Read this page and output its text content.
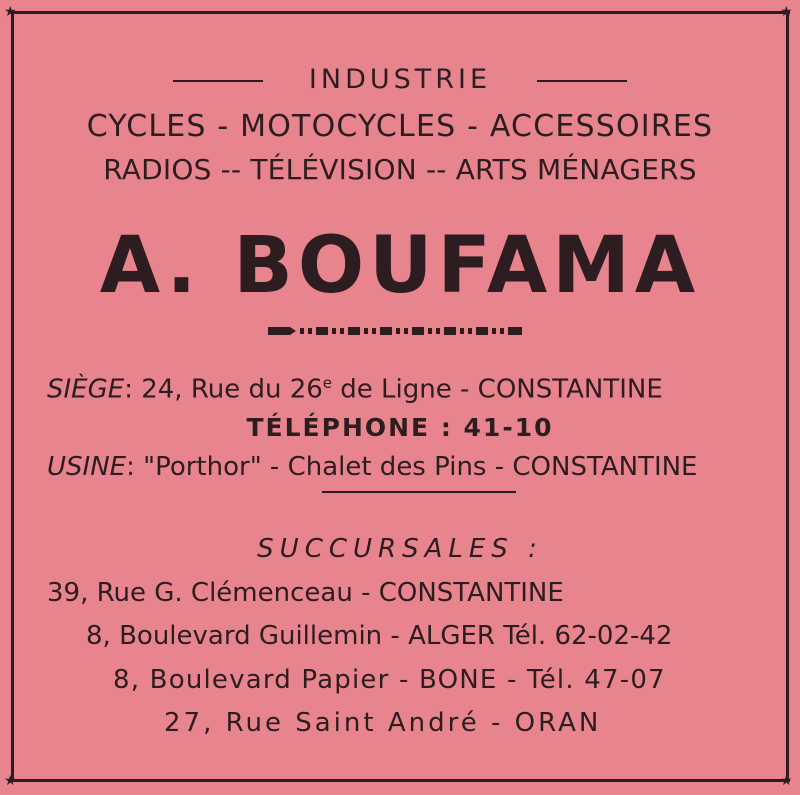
★	★
★	★
INDUSTRIE
CYCLES - MOTOCYCLES - ACCESSOIRES
RADIOS -- TÉLÉVISION -- ARTS MÉNAGERS
A. BOUFAMA
SIÈGE: 24, Rue du 26e de Ligne - CONSTANTINE
TÉLÉPHONE : 41-10
USINE: "Porthor" - Chalet des Pins - CONSTANTINE
SUCCURSALES :
39, Rue G. Clémenceau - CONSTANTINE
8, Boulevard Guillemin - ALGER Tél. 62-02-42
8, Boulevard Papier - BONE - Tél. 47-07
27, Rue Saint André - ORAN
